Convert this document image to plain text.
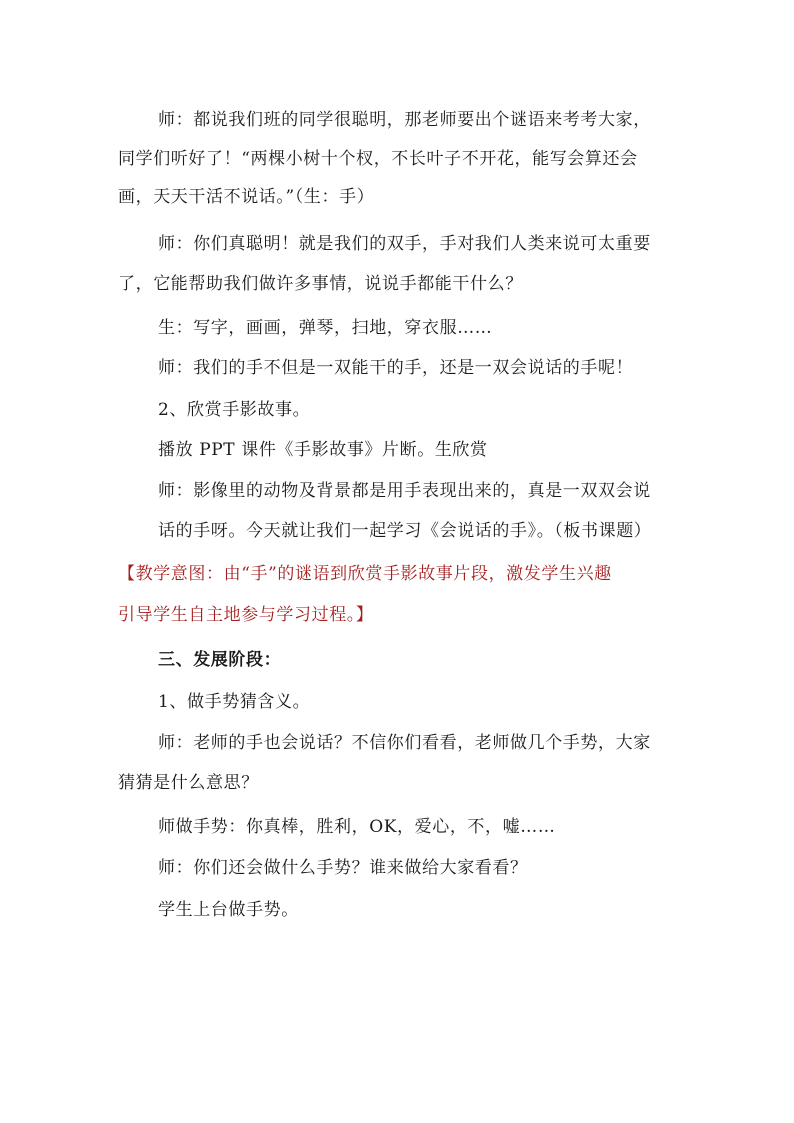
师：都说我们班的同学很聪明，那老师要出个谜语来考考大家，
同学们听好了！“两棵小树十个杈，不长叶子不开花，能写会算还会
画，天天干活不说话。”（生：手）
师：你们真聪明！就是我们的双手，手对我们人类来说可太重要
了，它能帮助我们做许多事情，说说手都能干什么？
生：写字，画画，弹琴，扫地，穿衣服……
师：我们的手不但是一双能干的手，还是一双会说话的手呢！
2、欣赏手影故事。
播放 PPT 课件《手影故事》片断。生欣赏
师：影像里的动物及背景都是用手表现出来的，真是一双双会说
话的手呀。今天就让我们一起学习《会说话的手》。（板书课题）
【教学意图：由“手”的谜语到欣赏手影故事片段，激发学生兴趣
引导学生自主地参与学习过程。】
三、发展阶段：
1、做手势猜含义。
师：老师的手也会说话？不信你们看看，老师做几个手势，大家
猜猜是什么意思？
师做手势：你真棒，胜利，OK，爱心，不，嘘……
师：你们还会做什么手势？谁来做给大家看看？
学生上台做手势。
